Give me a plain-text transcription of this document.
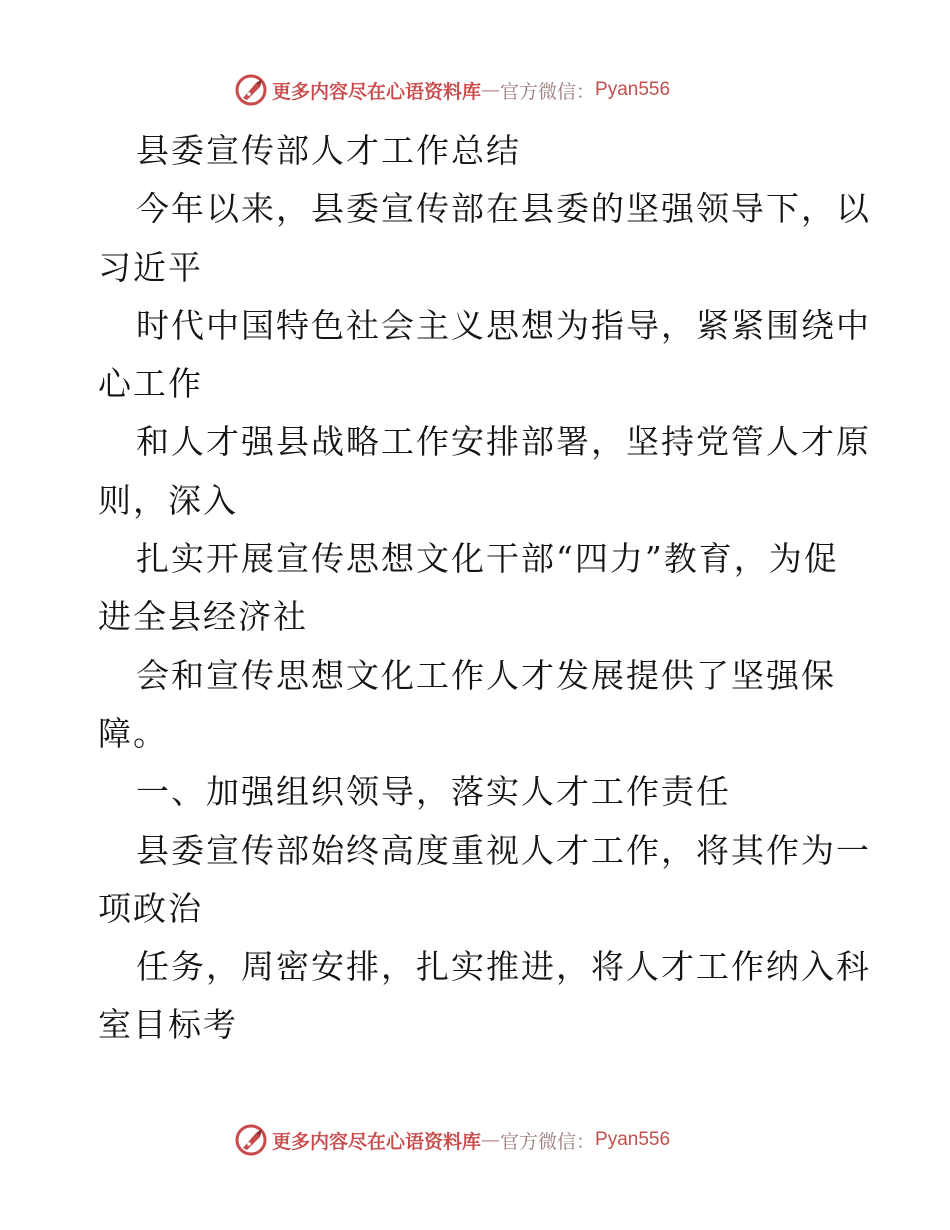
更多内容尽在心语资料库 — 官方微信： Pyan556
县委宣传部人才工作总结
今年以来，县委宣传部在县委的坚强领导下，以
习近平
时代中国特色社会主义思想为指导，紧紧围绕中
心工作
和人才强县战略工作安排部署，坚持党管人才原
则，深入
扎实开展宣传思想文化干部“四力”教育，为促
进全县经济社
会和宣传思想文化工作人才发展提供了坚强保
障。
一、加强组织领导，落实人才工作责任
县委宣传部始终高度重视人才工作，将其作为一
项政治
任务，周密安排，扎实推进，将人才工作纳入科
室目标考
更多内容尽在心语资料库 — 官方微信： Pyan556
